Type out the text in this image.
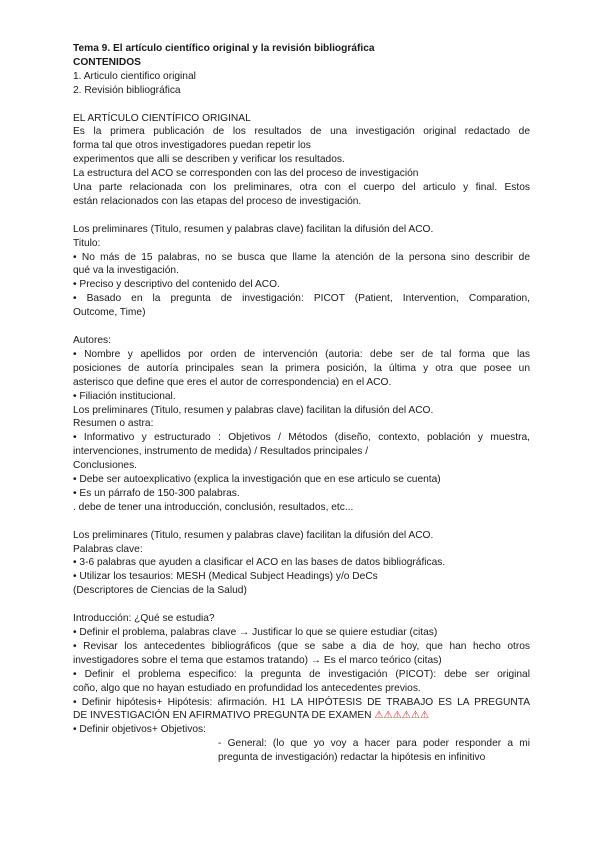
Tema 9. El artículo científico original y la revisión bibliográfica
CONTENIDOS
1. Articulo cientifico original
2. Revisión bibliográfica
EL ARTÍCULO CIENTÍFICO ORIGINAL
Es la primera publicación de los resultados de una investigación original redactado de
forma tal que otros investigadores puedan repetir los
experimentos que alli se describen y verificar los resultados.
La estructura del ACO se corresponden con las del proceso de investigación
Una parte relacionada con los preliminares, otra con el cuerpo del articulo y final. Estos
están relacionados con las etapas del proceso de investigación.
Los preliminares (Titulo, resumen y palabras clave) facilitan la difusión del ACO.
Titulo:
• No más de 15 palabras, no se busca que llame la atención de la persona sino describir de
qué va la investigación.
• Preciso y descriptivo del contenido del ACO.
• Basado en la pregunta de investigación: PICOT (Patient, Intervention, Comparation,
Outcome, Time)
Autores:
• Nombre y apellidos por orden de intervención (autoria: debe ser de tal forma que las
posiciones de autoría principales sean la primera posición, la última y otra que posee un
asterisco que define que eres el autor de correspondencia) en el ACO.
• Filiación institucional.
Los preliminares (Titulo, resumen y palabras clave) facilitan la difusión del ACO.
Resumen o astra:
• Informativo y estructurado : Objetivos / Métodos (diseño, contexto, población y muestra,
intervenciones, instrumento de medida) / Resultados principales /
Conclusiones.
• Debe ser autoexplicativo (explica la investigación que en ese articulo se cuenta)
• Es un párrafo de 150-300 palabras.
. debe de tener una introducción, conclusión, resultados, etc...
Los preliminares (Titulo, resumen y palabras clave) facilitan la difusión del ACO.
Palabras clave:
• 3-6 palabras que ayuden a clasificar el ACO en las bases de datos bibliográficas.
• Utilizar los tesaurios: MESH (Medical Subject Headings) y/o DeCs
(Descriptores de Ciencias de la Salud)
Introducción: ¿Qué se estudia?
• Definir el problema, palabras clave → Justificar lo que se quiere estudiar (citas)
• Revisar los antecedentes bibliográficos (que se sabe a dia de hoy, que han hecho otros
investigadores sobre el tema que estamos tratando) → Es el marco teórico (citas)
• Definir el problema especifico: la pregunta de investigación (PICOT): debe ser original
coño, algo que no hayan estudiado en profundidad los antecedentes previos.
• Definir hipótesis+ Hipótesis: afirmación. H1 LA HIPÓTESIS DE TRABAJO ES LA PREGUNTA
DE INVESTIGACIÓN EN AFIRMATIVO PREGUNTA DE EXAMEN ⚠⚠⚠⚠⚠⚠
• Definir objetivos+ Objetivos:
- General: (lo que yo voy a hacer para poder responder a mi
pregunta de investigación) redactar la hipótesis en infinitivo
